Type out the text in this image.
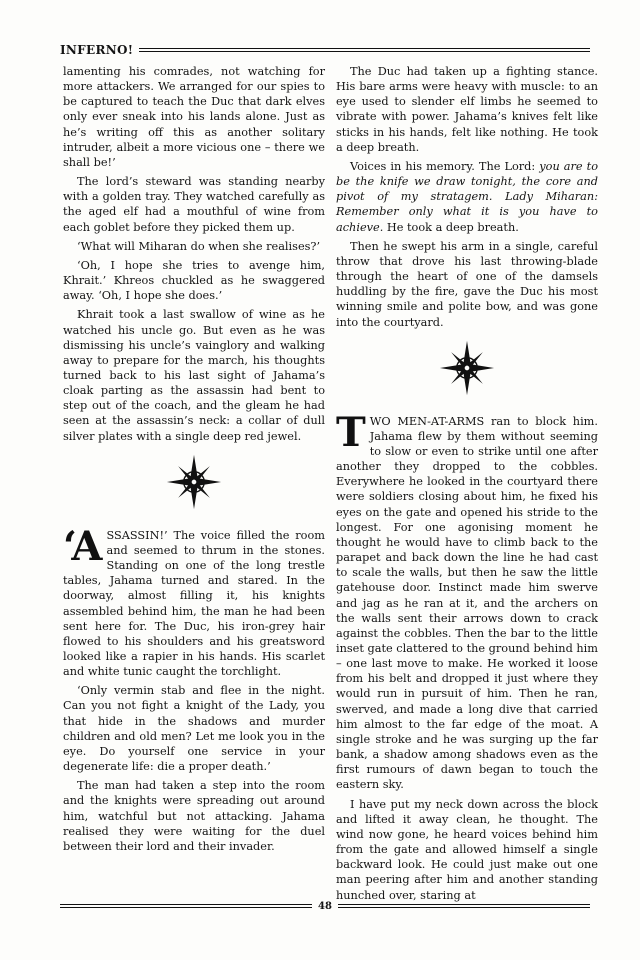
INFERNO!

lamenting his comrades, not watching for more attackers. We arranged for our spies to be captured to teach the Duc that dark elves only ever sneak into his lands alone. Just as he’s writing off this as another solitary intruder, albeit a more vicious one – there we shall be!’

The lord’s steward was standing nearby with a golden tray. They watched carefully as the aged elf had a mouthful of wine from each goblet before they picked them up.

‘What will Miharan do when she realises?’

‘Oh, I hope she tries to avenge him, Khrait.’ Khreos chuckled as he swaggered away. ‘Oh, I hope she does.’

Khrait took a last swallow of wine as he watched his uncle go. But even as he was dismissing his uncle’s vainglory and walking away to prepare for the march, his thoughts turned back to his last sight of Jahama’s cloak parting as the assassin had bent to step out of the coach, and the gleam he had seen at the assassin’s neck: a collar of dull silver plates with a single deep red jewel.

‘ASSASSIN!’ The voice filled the room and seemed to thrum in the stones. Standing on one of the long trestle tables, Jahama turned and stared. In the doorway, almost filling it, his knights assembled behind him, the man he had been sent here for. The Duc, his iron-grey hair flowed to his shoulders and his greatsword looked like a rapier in his hands. His scarlet and white tunic caught the torchlight.

‘Only vermin stab and flee in the night. Can you not fight a knight of the Lady, you that hide in the shadows and murder children and old men? Let me look you in the eye. Do yourself one service in your degenerate life: die a proper death.’

The man had taken a step into the room and the knights were spreading out around him, watchful but not attacking. Jahama realised they were waiting for the duel between their lord and their invader.

The Duc had taken up a fighting stance. His bare arms were heavy with muscle: to an eye used to slender elf limbs he seemed to vibrate with power. Jahama’s knives felt like sticks in his hands, felt like nothing. He took a deep breath.

Voices in his memory. The Lord: you are to be the knife we draw tonight, the core and pivot of my stratagem. Lady Miharan: Remember only what it is you have to achieve. He took a deep breath.

Then he swept his arm in a single, careful throw that drove his last throwing-blade through the heart of one of the damsels huddling by the fire, gave the Duc his most winning smile and polite bow, and was gone into the courtyard.

TWO MEN-AT-ARMS ran to block him. Jahama flew by them without seeming to slow or even to strike until one after another they dropped to the cobbles. Everywhere he looked in the courtyard there were soldiers closing about him, he fixed his eyes on the gate and opened his stride to the longest. For one agonising moment he thought he would have to climb back to the parapet and back down the line he had cast to scale the walls, but then he saw the little gatehouse door. Instinct made him swerve and jag as he ran at it, and the archers on the walls sent their arrows down to crack against the cobbles. Then the bar to the little inset gate clattered to the ground behind him – one last move to make. He worked it loose from his belt and dropped it just where they would run in pursuit of him. Then he ran, swerved, and made a long dive that carried him almost to the far edge of the moat. A single stroke and he was surging up the far bank, a shadow among shadows even as the first rumours of dawn began to touch the eastern sky.

I have put my neck down across the block and lifted it away clean, he thought. The wind now gone, he heard voices behind him from the gate and allowed himself a single backward look. He could just make out one man peering after him and another standing hunched over, staring at

48
